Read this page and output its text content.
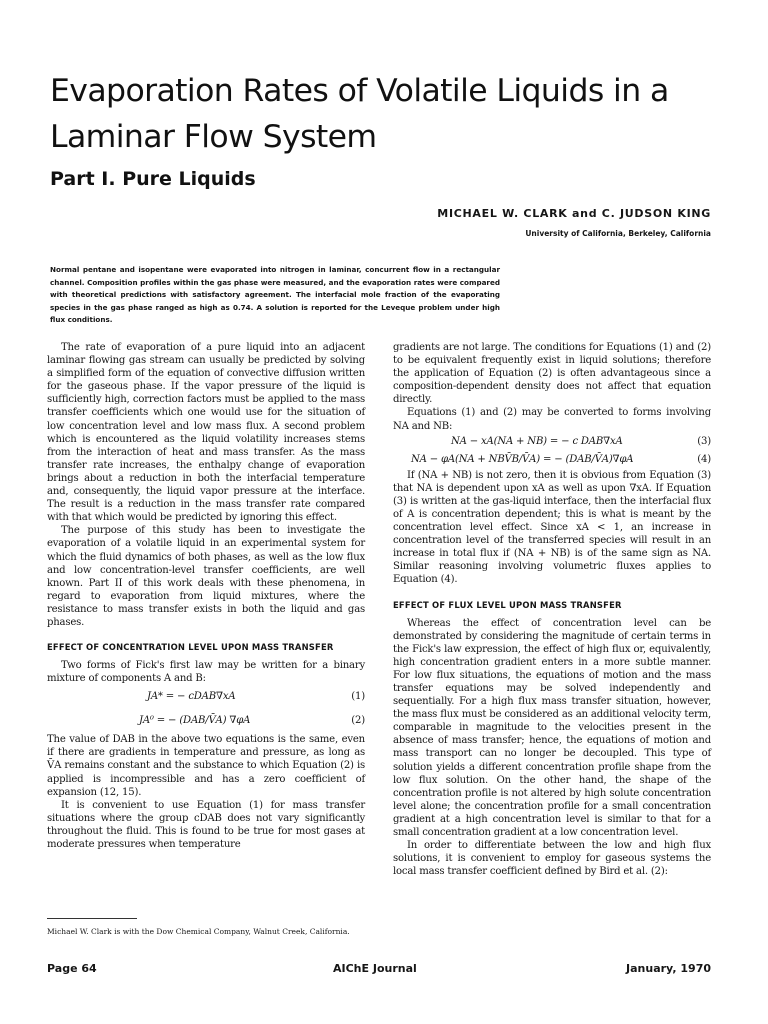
Evaporation Rates of Volatile Liquids in a Laminar Flow System
Part I. Pure Liquids
MICHAEL W. CLARK and C. JUDSON KING
University of California, Berkeley, California
Normal pentane and isopentane were evaporated into nitrogen in laminar, concurrent flow in a rectangular channel. Composition profiles within the gas phase were measured, and the evaporation rates were compared with theoretical predictions with satisfactory agreement. The interfacial mole fraction of the evaporating species in the gas phase ranged as high as 0.74. A solution is reported for the Leveque problem under high flux conditions.

The rate of evaporation of a pure liquid into an adjacent laminar flowing gas stream can usually be predicted by solving a simplified form of the equation of convective diffusion written for the gaseous phase. If the vapor pressure of the liquid is sufficiently high, correction factors must be applied to the mass transfer coefficients which one would use for the situation of low concentration level and low mass flux. A second problem which is encountered as the liquid volatility increases stems from the interaction of heat and mass transfer. As the mass transfer rate increases, the enthalpy change of evaporation brings about a reduction in both the interfacial temperature and, consequently, the liquid vapor pressure at the interface. The result is a reduction in the mass transfer rate compared with that which would be predicted by ignoring this effect.

The purpose of this study has been to investigate the evaporation of a volatile liquid in an experimental system for which the fluid dynamics of both phases, as well as the low flux and low concentration-level transfer coefficients, are well known. Part II of this work deals with these phenomena, in regard to evaporation from liquid mixtures, where the resistance to mass transfer exists in both the liquid and gas phases.

EFFECT OF CONCENTRATION LEVEL UPON MASS TRANSFER

Two forms of Fick's first law may be written for a binary mixture of components A and B:

JA* = − cDAB∇xA	(1)
JA⁰ = − (DAB/V̄A) ∇φA	(2)

The value of DAB in the above two equations is the same, even if there are gradients in temperature and pressure, as long as V̄A remains constant and the substance to which Equation (2) is applied is incompressible and has a zero coefficient of expansion (12, 15).

It is convenient to use Equation (1) for mass transfer situations where the group cDAB does not vary significantly throughout the fluid. This is found to be true for most gases at moderate pressures when temperature

Michael W. Clark is with the Dow Chemical Company, Walnut Creek, California.

gradients are not large. The conditions for Equations (1) and (2) to be equivalent frequently exist in liquid solutions; therefore the application of Equation (2) is often advantageous since a composition-dependent density does not affect that equation directly.

Equations (1) and (2) may be converted to forms involving NA and NB:

NA − xA(NA + NB) = − c DAB∇xA	(3)
NA − φA(NA + NBV̄B/V̄A) = − (DAB/V̄A)∇φA	(4)

If (NA + NB) is not zero, then it is obvious from Equation (3) that NA is dependent upon xA as well as upon ∇xA. If Equation (3) is written at the gas-liquid interface, then the interfacial flux of A is concentration dependent; this is what is meant by the concentration level effect. Since xA < 1, an increase in concentration level of the transferred species will result in an increase in total flux if (NA + NB) is of the same sign as NA. Similar reasoning involving volumetric fluxes applies to Equation (4).

EFFECT OF FLUX LEVEL UPON MASS TRANSFER

Whereas the effect of concentration level can be demonstrated by considering the magnitude of certain terms in the Fick's law expression, the effect of high flux or, equivalently, high concentration gradient enters in a more subtle manner. For low flux situations, the equations of motion and the mass transfer equations may be solved independently and sequentially. For a high flux mass transfer situation, however, the mass flux must be considered as an additional velocity term, comparable in magnitude to the velocities present in the absence of mass transfer; hence, the equations of motion and mass transport can no longer be decoupled. This type of solution yields a different concentration profile shape from the low flux solution. On the other hand, the shape of the concentration profile is not altered by high solute concentration level alone; the concentration profile for a small concentration gradient at a high concentration level is similar to that for a small concentration gradient at a low concentration level.

In order to differentiate between the low and high flux solutions, it is convenient to employ for gaseous systems the local mass transfer coefficient defined by Bird et al. (2):

Page 64	AIChE Journal	January, 1970
